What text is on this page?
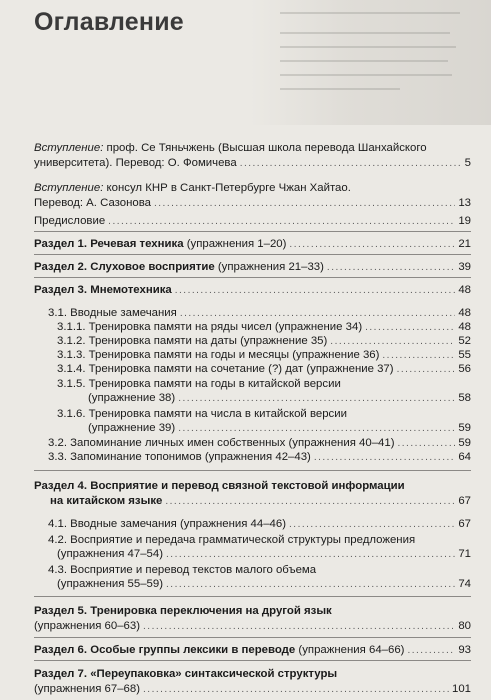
Оглавление
Вступление: проф. Се Тяньчжень (Высшая школа перевода Шанхайского
университета). Перевод: О. Фомичева .....	5
Вступление: консул КНР в Санкт-Петербурге Чжан Хайтао.
Перевод: А. Сазонова .....	13
Предисловие .....	19
Раздел 1. Речевая техника (упражнения 1–20) .....	21
Раздел 2. Слуховое восприятие (упражнения 21–33) .....	39
Раздел 3. Мнемотехника .....	48
3.1. Вводные замечания .....	48
3.1.1. Тренировка памяти на ряды чисел (упражнение 34) .....	48
3.1.2. Тренировка памяти на даты (упражнение 35) .....	52
3.1.3. Тренировка памяти на годы и месяцы (упражнение 36) .....	55
3.1.4. Тренировка памяти на сочетание (?) дат (упражнение 37) .....	56
3.1.5. Тренировка памяти на годы в китайской версии
(упражнение 38) .....	58
3.1.6. Тренировка памяти на числа в китайской версии
(упражнение 39) .....	59
3.2. Запоминание личных имен собственных (упражнения 40–41) .....	59
3.3. Запоминание топонимов (упражнения 42–43) .....	64
Раздел 4. Восприятие и перевод связной текстовой информации
на китайском языке .....	67
4.1. Вводные замечания (упражнения 44–46) .....	67
4.2. Восприятие и передача грамматической структуры предложения
(упражнения 47–54) .....	71
4.3. Восприятие и перевод текстов малого объема
(упражнения 55–59) .....	74
Раздел 5. Тренировка переключения на другой язык
(упражнения 60–63) .....	80
Раздел 6. Особые группы лексики в переводе (упражнения 64–66) .....	93
Раздел 7. «Переупаковка» синтаксической структуры
(упражнения 67–68) .....	101
